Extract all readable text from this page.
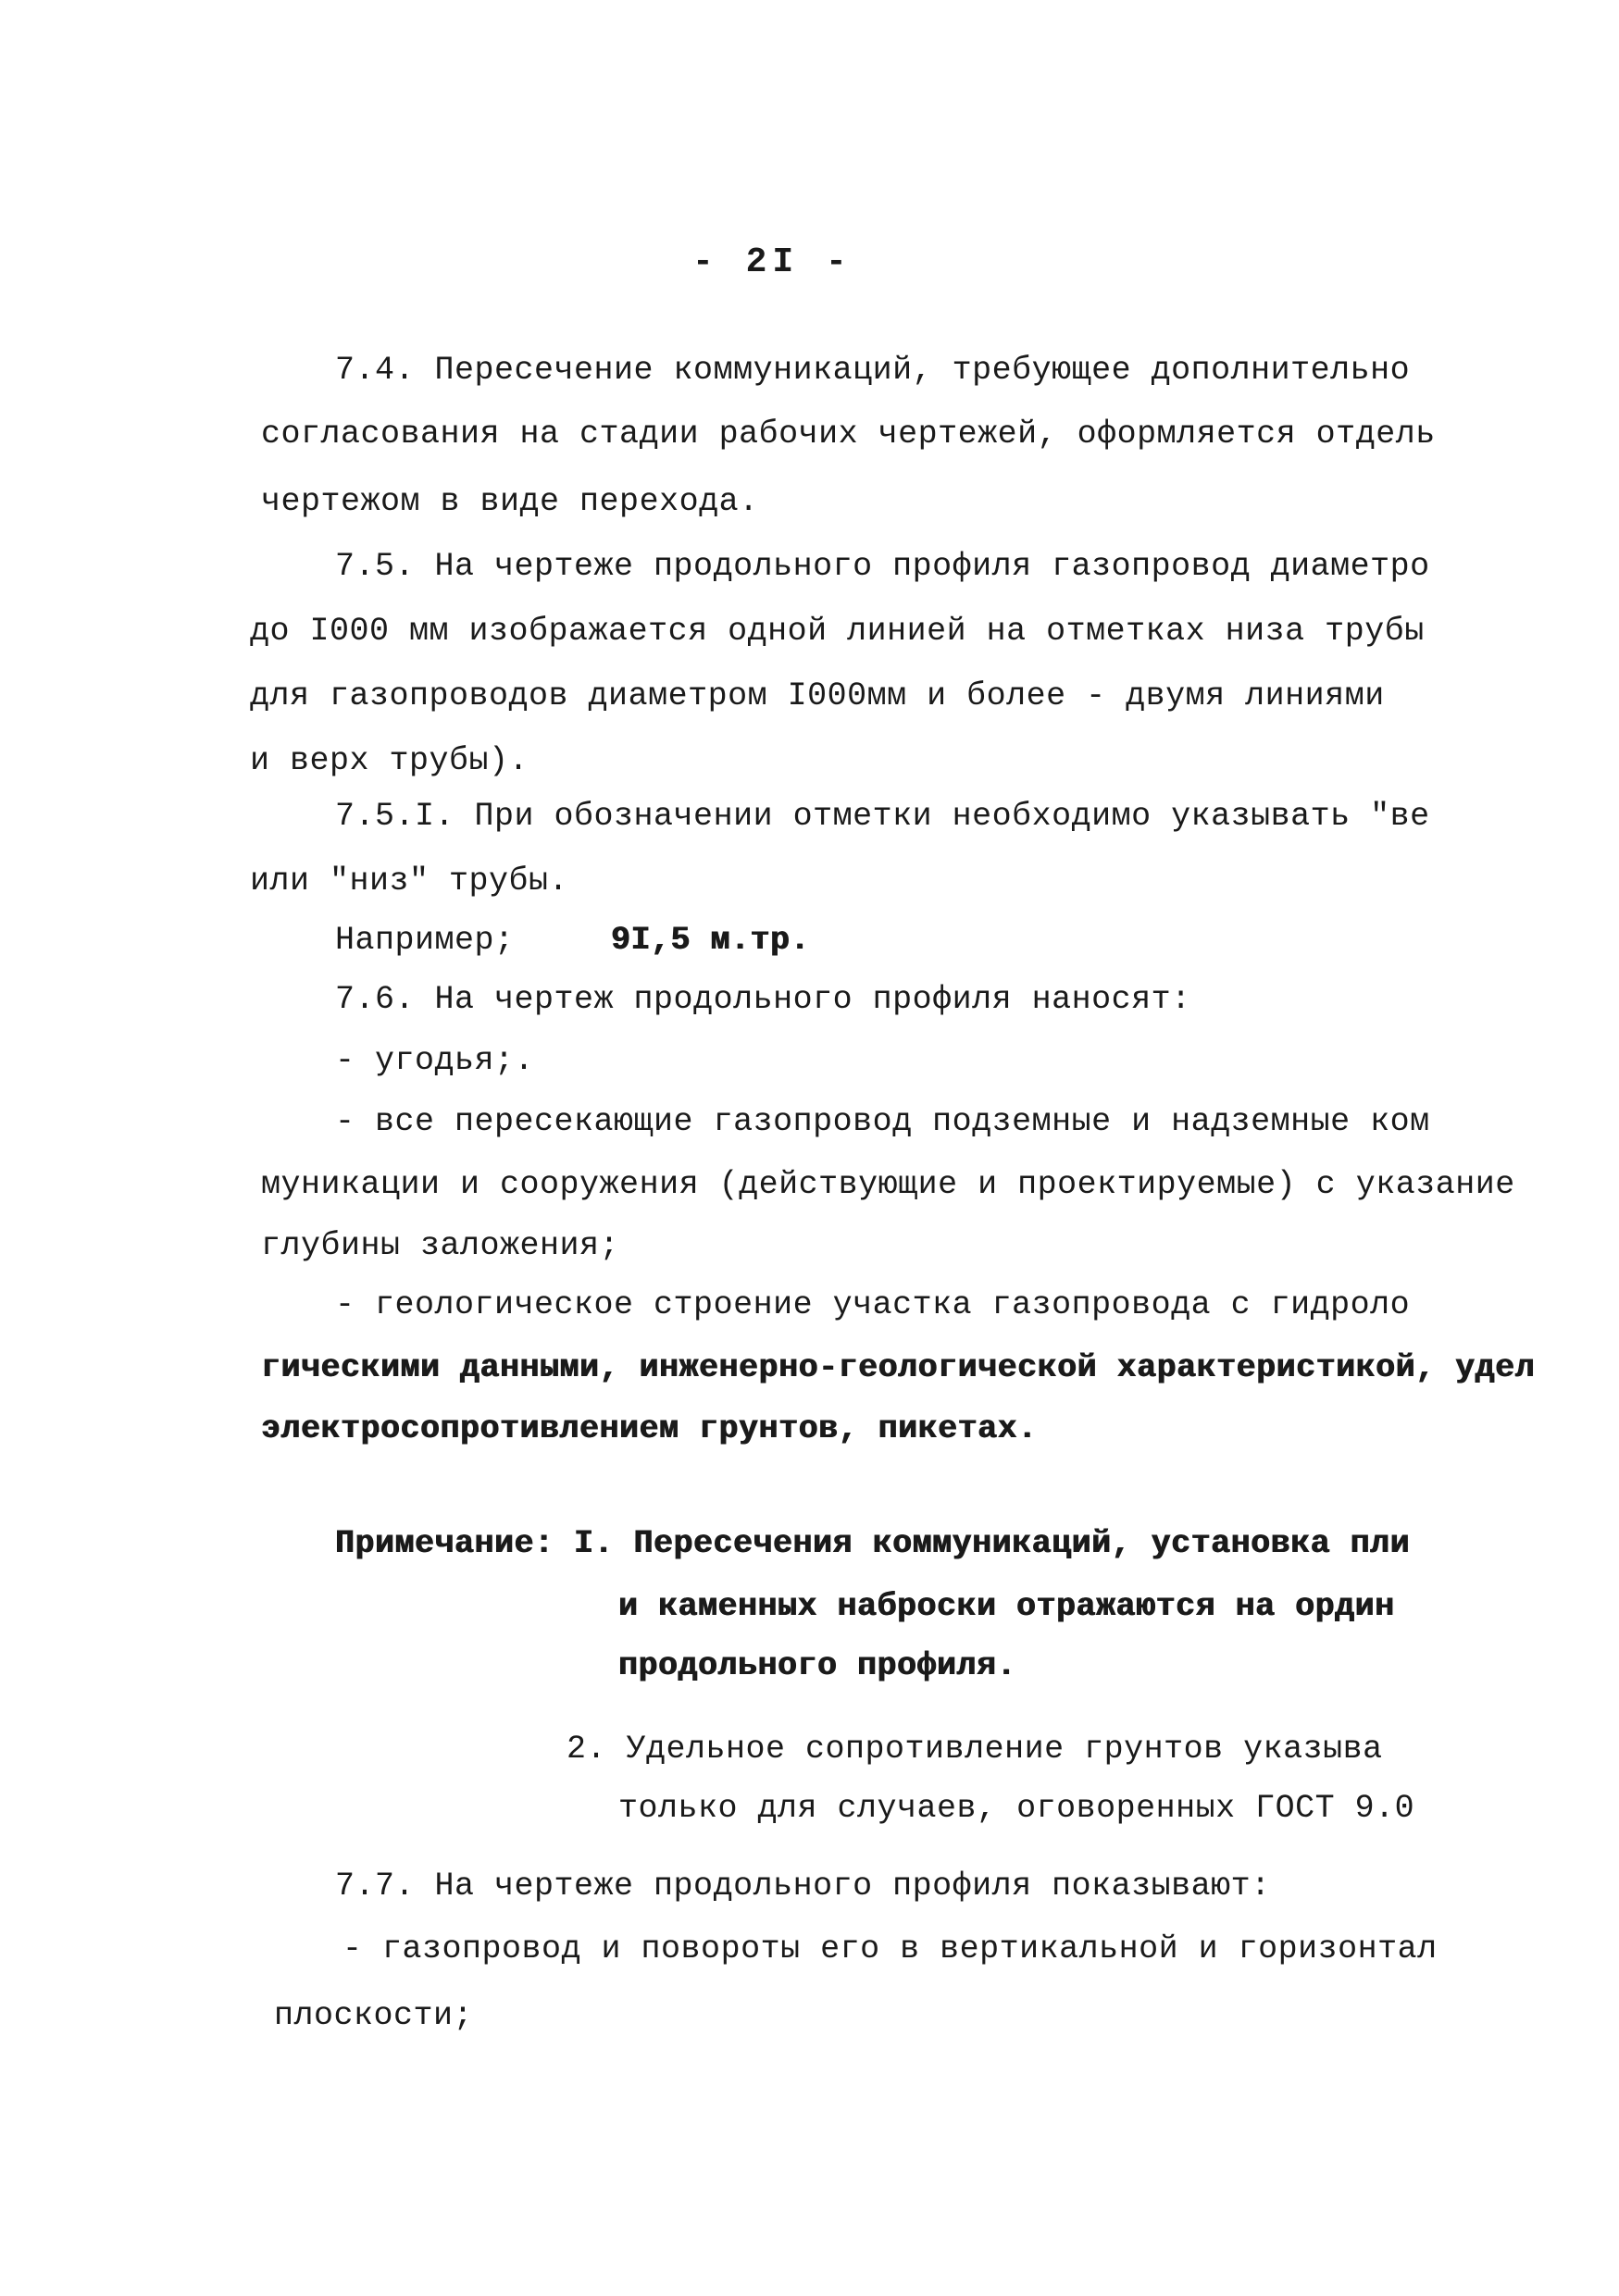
- 2I -
7.4. Пересечение коммуникаций, требующее дополнительно
согласования на стадии рабочих чертежей, оформляется отдель
чертежом в виде перехода.
7.5. На чертеже продольного профиля газопровод диаметро
до I000 мм изображается одной линией на отметках низа трубы
для газопроводов диаметром I000мм и более - двумя линиями
и верх трубы).
7.5.I. При обозначении отметки необходимо указывать "ве
или "низ" трубы.
Например;	9I,5 м.тр.
7.6. На чертеж продольного профиля наносят:
- угодья;.
- все пересекающие газопровод подземные и надземные ком
муникации и сооружения (действующие и проектируемые) с указание
глубины заложения;
- геологическое строение участка газопровода с гидроло
гическими данными, инженерно-геологической характеристикой, удел
электросопротивлением грунтов, пикетах.
Примечание: I. Пересечения коммуникаций, установка пли
и каменных наброски отражаются на ордин
продольного профиля.
2. Удельное сопротивление грунтов указыва
только для случаев, оговоренных ГОСТ 9.0
7.7. На чертеже продольного профиля показывают:
- газопровод и повороты его в вертикальной и горизонтал
плоскости;
